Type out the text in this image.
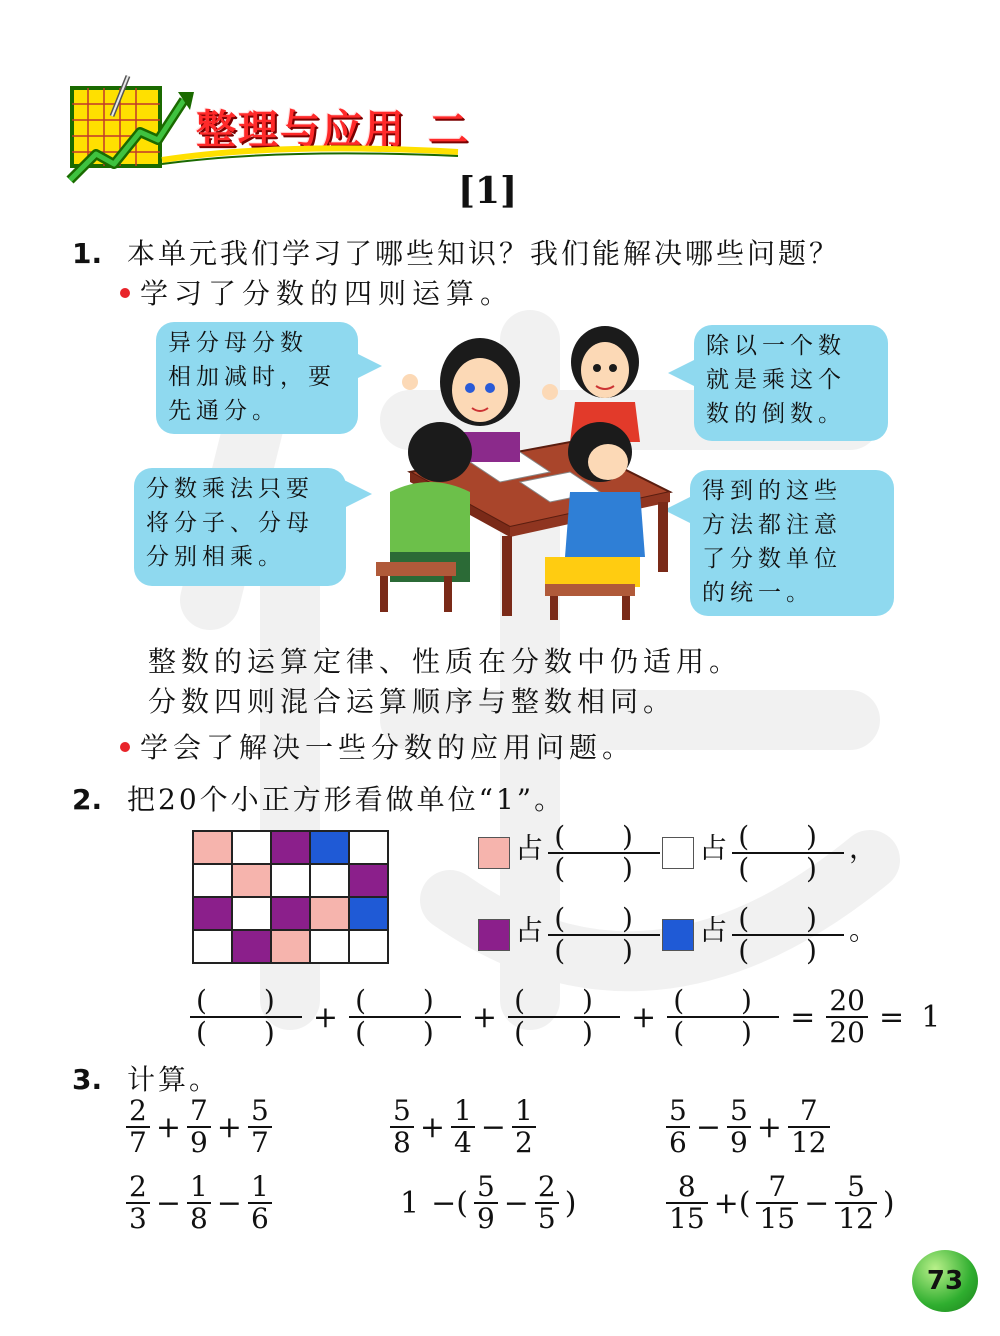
整理与应用 二
[1]
1. 本单元我们学习了哪些知识？我们能解决哪些问题？
学习了分数的四则运算。
异分母分数
相加减时，要
先通分。
除以一个数
就是乘这个
数的倒数。
分数乘法只要
将分子、分母
分别相乘。
得到的这些
方法都注意
了分数单位
的统一。
整数的运算定律、性质在分数中仍适用。
分数四则混合运算顺序与整数相同。
学会了解决一些分数的应用问题。
2. 把20个小正方形看做单位“1”。

占 $\frac{( )}{( )}$	占 $\frac{( )}{( )}$ ，
占 $\frac{( )}{( )}$	占 $\frac{( )}{( )}$ 。
$\frac{( )}{( )} + \frac{( )}{( )} + \frac{( )}{( )} + \frac{( )}{( )} = \frac{20}{20} = 1$
3. 计算。
$\frac{2}{7} + \frac{7}{9} + \frac{5}{7}$	$\frac{5}{8} + \frac{1}{4} - \frac{1}{2}$	$\frac{5}{6} - \frac{5}{9} + \frac{7}{12}$
$\frac{2}{3} - \frac{1}{8} - \frac{1}{6}$	1 −( $\frac{5}{9} - \frac{2}{5}$ )	$\frac{8}{15}$ +( $\frac{7}{15} - \frac{5}{12}$ )
73
